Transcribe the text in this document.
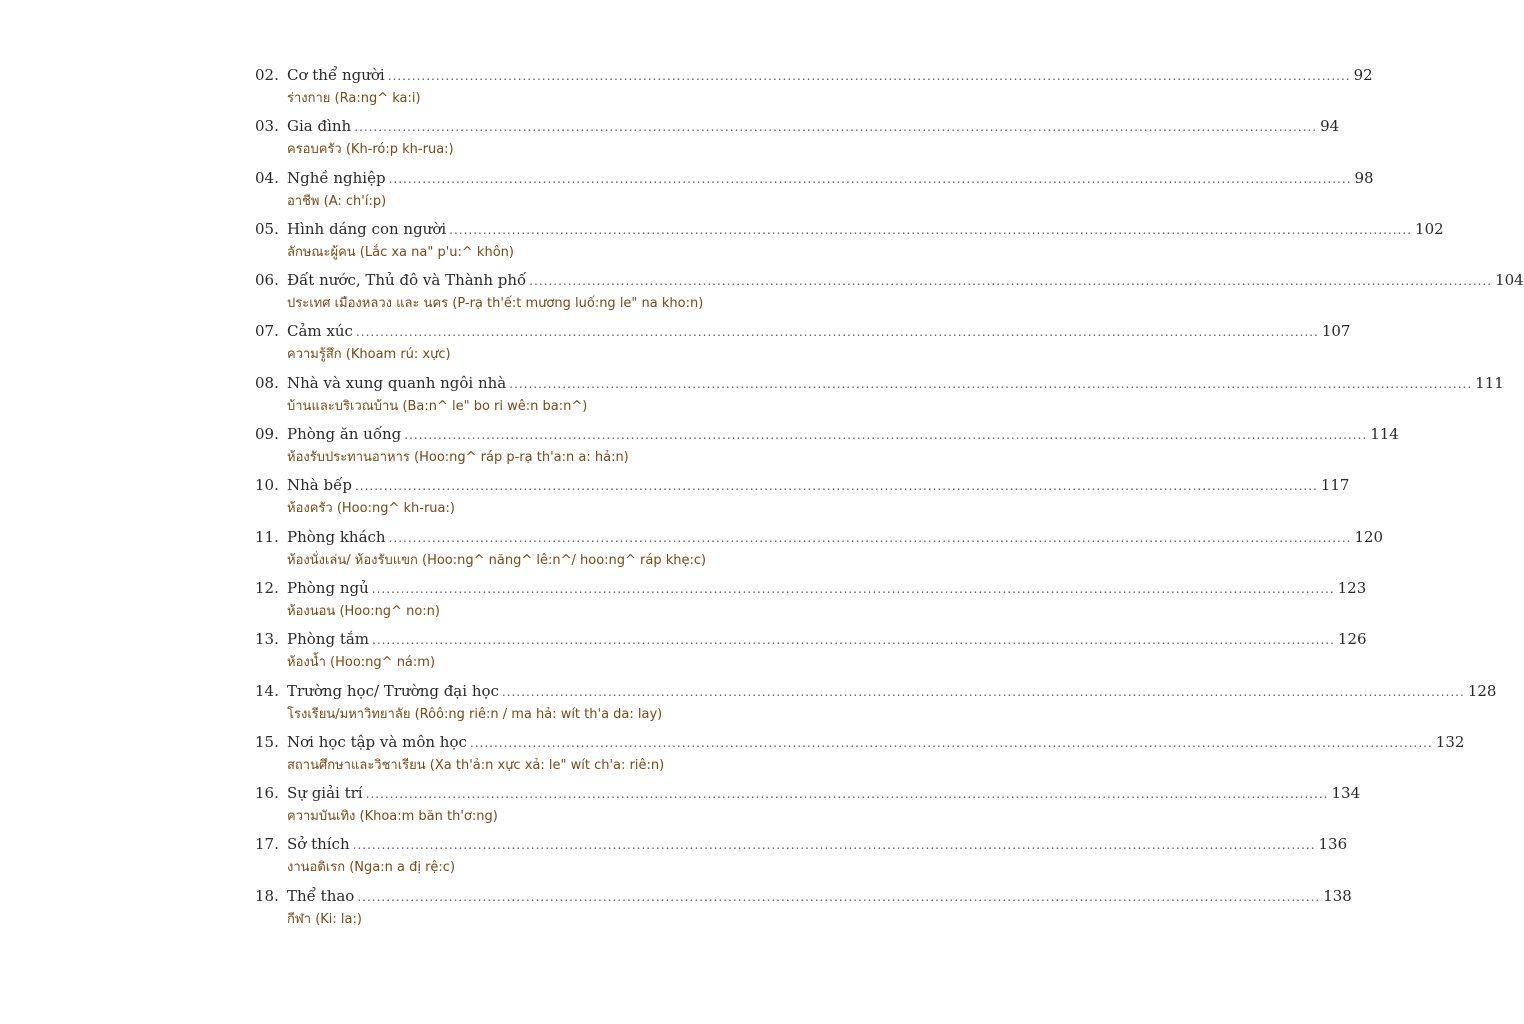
02. Cơ thể người ........................................................................................................................................................................................................ 92
ร่างกาย (Ra:ng^ ka:i)
03. Gia đình ........................................................................................................................................................................................................ 94
ครอบครัว (Kh-ró:p kh-rua:)
04. Nghề nghiệp ........................................................................................................................................................................................................ 98
อาชีพ (A: ch'í:p)
05. Hình dáng con người ........................................................................................................................................................................................................ 102
ลักษณะผู้คน (Lắc xa na" p'u:^ khôn)
06. Đất nước, Thủ đô và Thành phố ........................................................................................................................................................................................................ 104
ประเทศ เมืองหลวง และ นคร (P-rạ th'ế:t mương luố:ng le" na kho:n)
07. Cảm xúc ........................................................................................................................................................................................................ 107
ความรู้สึก (Khoam rú: xực)
08. Nhà và xung quanh ngôi nhà ........................................................................................................................................................................................................ 111
บ้านและบริเวณบ้าน (Ba:n^ le" bo ri wê:n ba:n^)
09. Phòng ăn uống ........................................................................................................................................................................................................ 114
ห้องรับประทานอาหาร (Hoo:ng^ ráp p-rạ th'a:n a: hả:n)
10. Nhà bếp ........................................................................................................................................................................................................ 117
ห้องครัว (Hoo:ng^ kh-rua:)
11. Phòng khách ........................................................................................................................................................................................................ 120
ห้องนั่งเล่น/ ห้องรับแขก (Hoo:ng^ năng^ lê:n^/ hoo:ng^ ráp khẹ:c)
12. Phòng ngủ ........................................................................................................................................................................................................ 123
ห้องนอน (Hoo:ng^ no:n)
13. Phòng tắm ........................................................................................................................................................................................................ 126
ห้องน้ำ (Hoo:ng^ ná:m)
14. Trường học/ Trường đại học ........................................................................................................................................................................................................ 128
โรงเรียน/มหาวิทยาลัย (Rôô:ng riê:n / ma hả: wít th'a da: lay)
15. Nơi học tập và môn học ........................................................................................................................................................................................................ 132
สถานศึกษาและวิชาเรียน (Xa th'ả:n xực xả: le" wít ch'a: riê:n)
16. Sự giải trí ........................................................................................................................................................................................................ 134
ความบันเทิง (Khoa:m băn th'ơ:ng)
17. Sở thích ........................................................................................................................................................................................................ 136
งานอดิเรก (Nga:n a đị rệ:c)
18. Thể thao ........................................................................................................................................................................................................ 138
กีฬา (Ki: la:)
